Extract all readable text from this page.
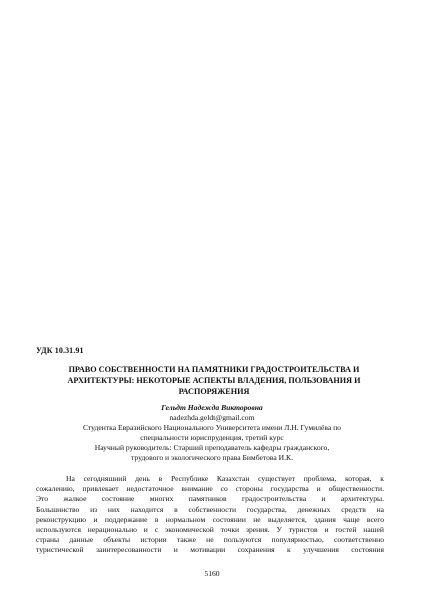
УДК 10.31.91
ПРАВО СОБСТВЕННОСТИ НА ПАМЯТНИКИ ГРАДОСТРОИТЕЛЬСТВА И
АРХИТЕКТУРЫ: НЕКОТОРЫЕ АСПЕКТЫ ВЛАДЕНИЯ, ПОЛЬЗОВАНИЯ И
РАСПОРЯЖЕНИЯ
Гельдт Надежда Викторовна
nadezhda.geldt@gmail.com
Студентка Евразийского Национального Университета имени Л.Н. Гумилёва по
специальности юриспруденция, третий курс
Научный руководитель: Старший преподаватель кафедры гражданского,
трудового и экологического права Бимбетова И.К.
На сегодняшний день в Республике Казахстан существует проблема, которая, к
сожалению, привлекает недостаточное внимание со стороны государства и общественности.
Это жалкое состояние многих памятников градостроительства и архитектуры.
Большинство из них находится в собственности государства, денежных средств на
реконструкцию и поддержание в нормальном состоянии не выделяется, здания чаще всего
используются нерационально и с экономической точки зрения. У туристов и гостей нашей
страны данные объекты истории также не пользуются популярностью, соответственно
туристической заинтересованности и мотивации сохранения к улучшения состояния
5160
